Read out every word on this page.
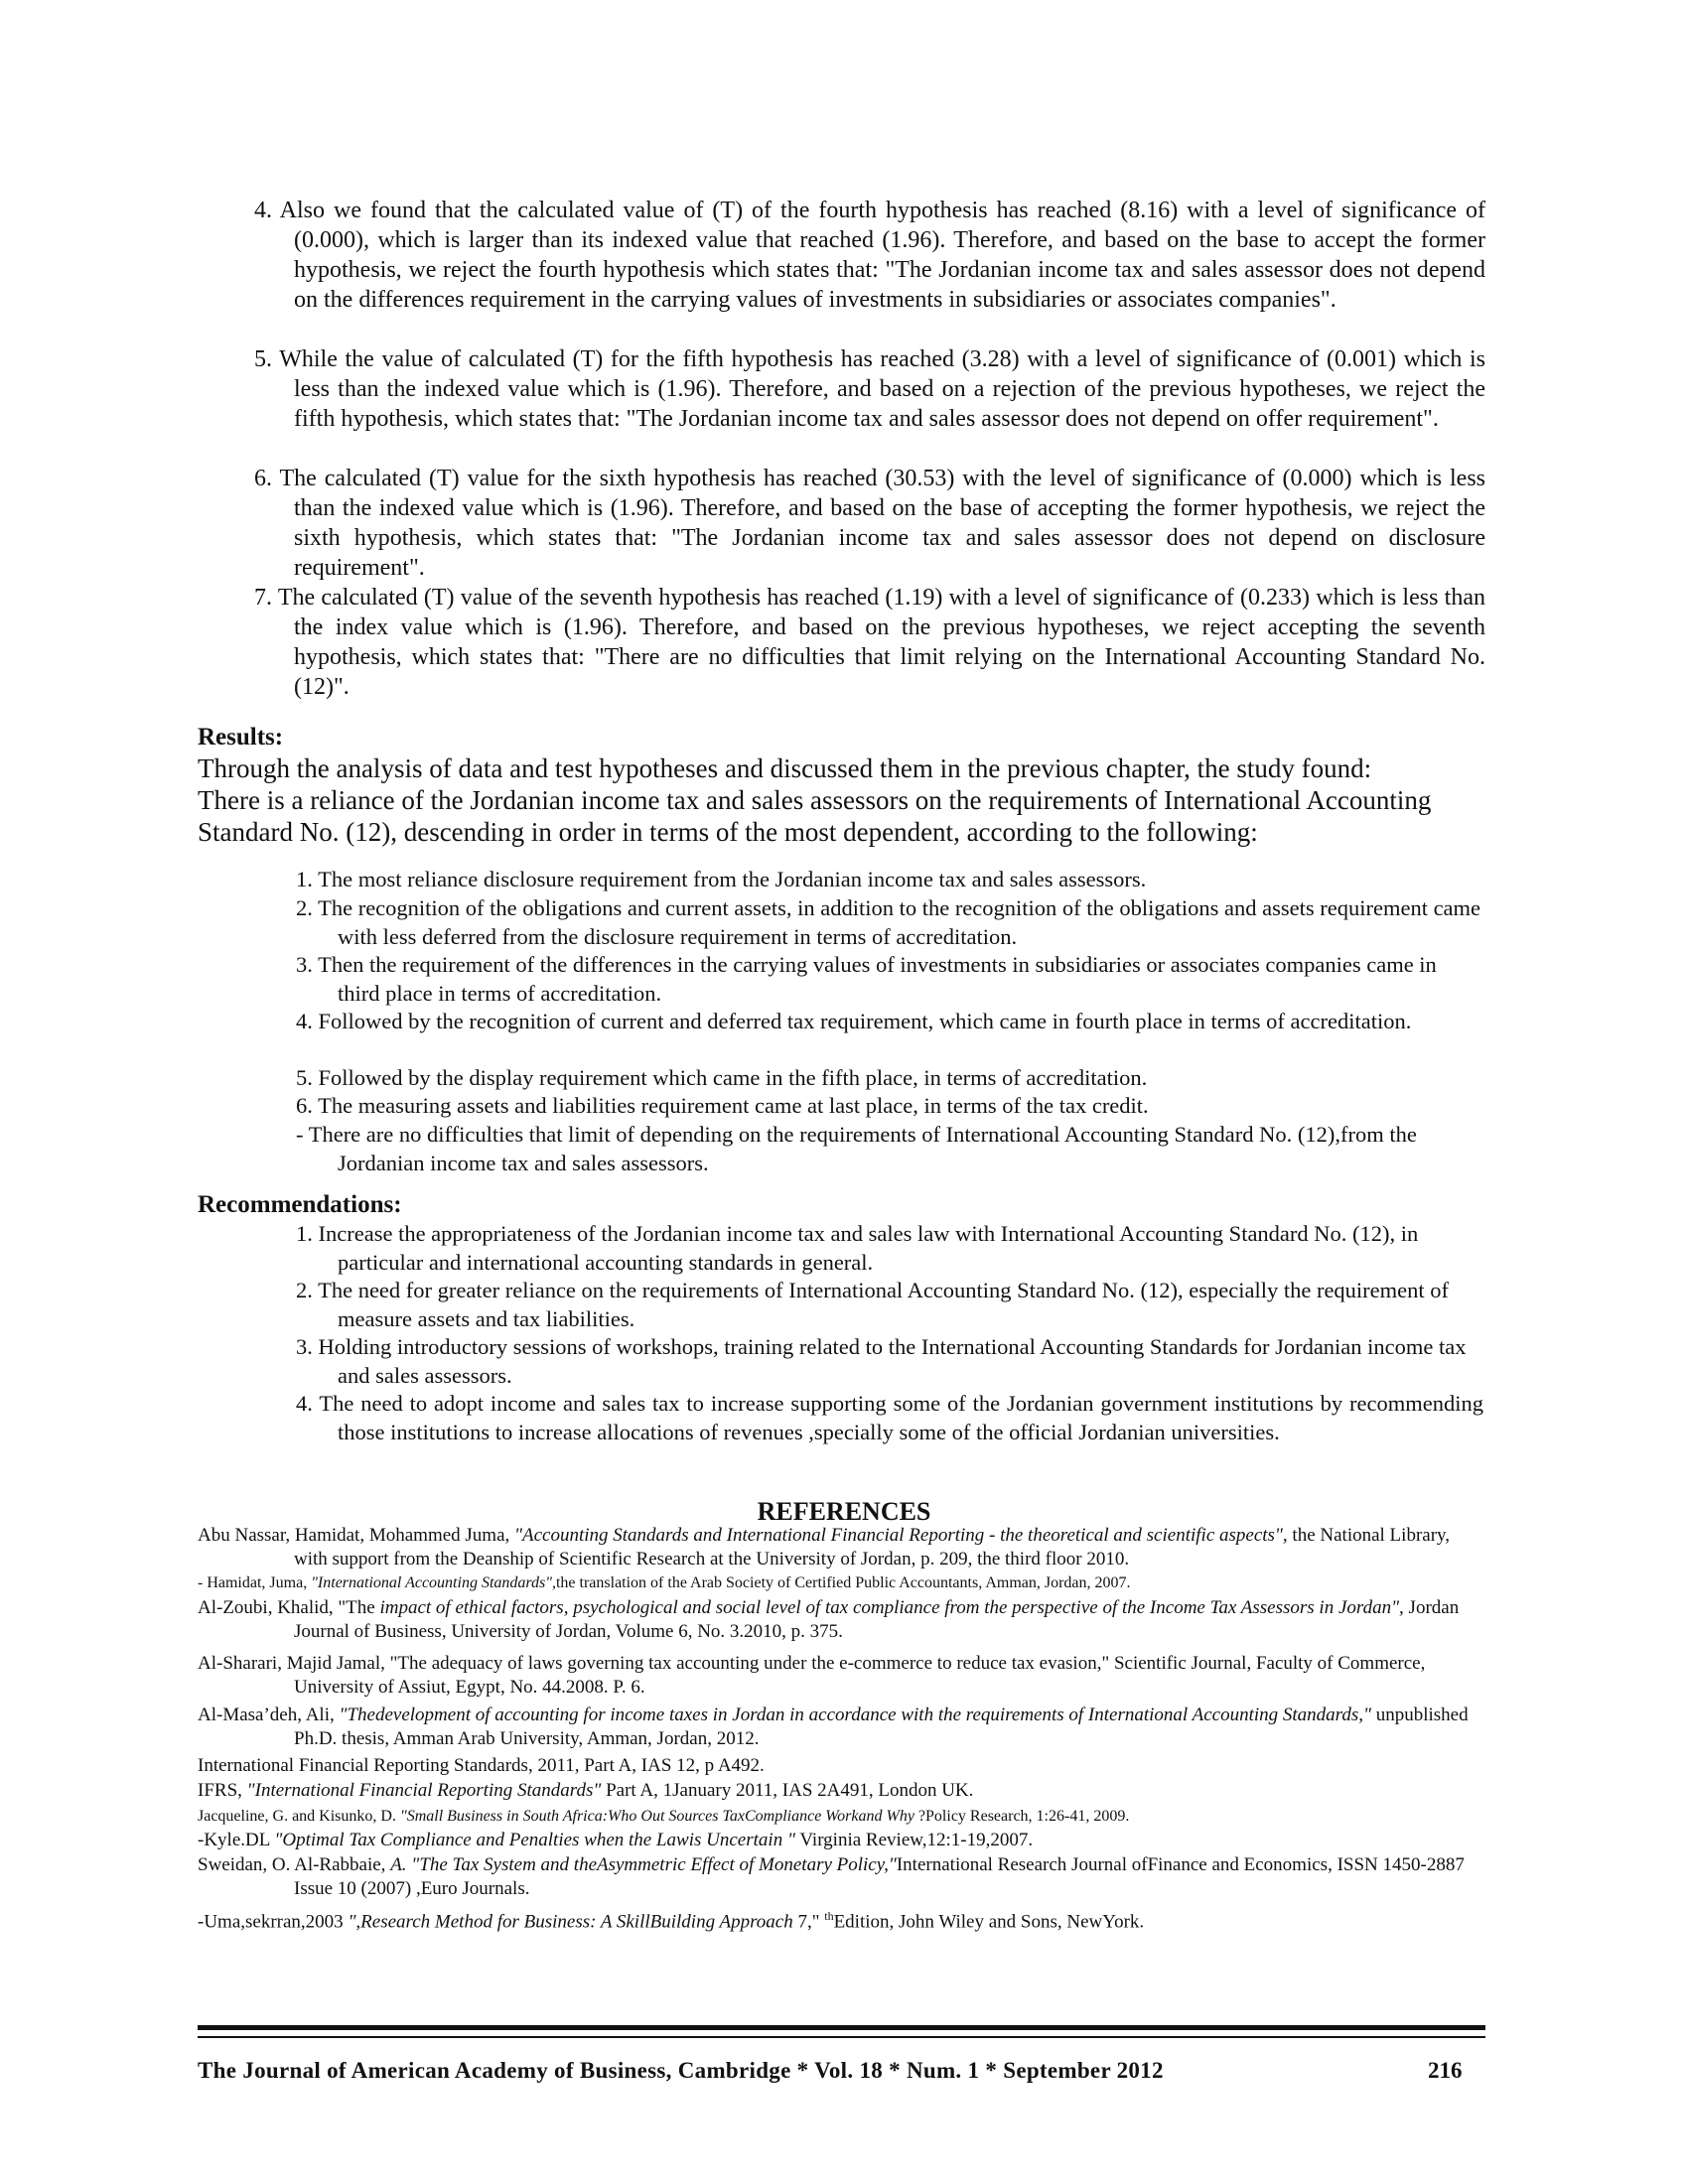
4. Also we found that the calculated value of (T) of the fourth hypothesis has reached (8.16) with a level of significance of (0.000), which is larger than its indexed value that reached (1.96). Therefore, and based on the base to accept the former hypothesis, we reject the fourth hypothesis which states that: "The Jordanian income tax and sales assessor does not depend on the differences requirement in the carrying values of investments in subsidiaries or associates companies".
5. While the value of calculated (T) for the fifth hypothesis has reached (3.28) with a level of significance of (0.001) which is less than the indexed value which is (1.96). Therefore, and based on a rejection of the previous hypotheses, we reject the fifth hypothesis, which states that: "The Jordanian income tax and sales assessor does not depend on offer requirement".
6. The calculated (T) value for the sixth hypothesis has reached (30.53) with the level of significance of (0.000) which is less than the indexed value which is (1.96). Therefore, and based on the base of accepting the former hypothesis, we reject the sixth hypothesis, which states that: "The Jordanian income tax and sales assessor does not depend on disclosure requirement".
7. The calculated (T) value of the seventh hypothesis has reached (1.19) with a level of significance of (0.233) which is less than the index value which is (1.96). Therefore, and based on the previous hypotheses, we reject accepting the seventh hypothesis, which states that: "There are no difficulties that limit relying on the International Accounting Standard No. (12)".
Results:
Through the analysis of data and test hypotheses and discussed them in the previous chapter, the study found:
There is a reliance of the Jordanian income tax and sales assessors on the requirements of International Accounting Standard No. (12), descending in order in terms of the most dependent, according to the following:
1. The most reliance disclosure requirement from the Jordanian income tax and sales assessors.
2. The recognition of the obligations and current assets, in addition to the recognition of the obligations and assets requirement came with less deferred from the disclosure requirement in terms of accreditation.
3. Then the requirement of the differences in the carrying values of investments in subsidiaries or associates companies came in third place in terms of accreditation.
4. Followed by the recognition of current and deferred tax requirement, which came in fourth place in terms of accreditation.
5. Followed by the display requirement which came in the fifth place, in terms of accreditation.
6. The measuring assets and liabilities requirement came at last place, in terms of the tax credit.
- There are no difficulties that limit of depending on the requirements of International Accounting Standard No. (12),from the Jordanian income tax and sales assessors.
Recommendations:
1. Increase the appropriateness of the Jordanian income tax and sales law with International Accounting Standard No. (12), in particular and international accounting standards in general.
2. The need for greater reliance on the requirements of International Accounting Standard No. (12), especially the requirement of measure assets and tax liabilities.
3. Holding introductory sessions of workshops, training related to the International Accounting Standards for Jordanian income tax and sales assessors.
4. The need to adopt income and sales tax to increase supporting some of the Jordanian government institutions by recommending those institutions to increase allocations of revenues ,specially some of the official Jordanian universities.
REFERENCES
Abu Nassar, Hamidat, Mohammed Juma, "Accounting Standards and International Financial Reporting - the theoretical and scientific aspects", the National Library, with support from the Deanship of Scientific Research at the University of Jordan, p. 209, the third floor 2010.
- Hamidat, Juma, "International Accounting Standards",the translation of the Arab Society of Certified Public Accountants, Amman, Jordan, 2007.
Al-Zoubi, Khalid, "The impact of ethical factors, psychological and social level of tax compliance from the perspective of the Income Tax Assessors in Jordan", Jordan Journal of Business, University of Jordan, Volume 6, No. 3.2010, p. 375.
Al-Sharari, Majid Jamal, "The adequacy of laws governing tax accounting under the e-commerce to reduce tax evasion," Scientific Journal, Faculty of Commerce, University of Assiut, Egypt, No. 44.2008. P. 6.
Al-Masa’deh, Ali, "Thedevelopment of accounting for income taxes in Jordan in accordance with the requirements of International Accounting Standards," unpublished Ph.D. thesis, Amman Arab University, Amman, Jordan, 2012.
International Financial Reporting Standards, 2011, Part A, IAS 12, p A492.
IFRS, "International Financial Reporting Standards" Part A, 1January 2011, IAS 2A491, London UK.
Jacqueline, G. and Kisunko, D. "Small Business in South Africa:Who Out Sources TaxCompliance Workand Why ?Policy Research, 1:26-41, 2009.
-Kyle.DL "Optimal Tax Compliance and Penalties when the Lawis Uncertain " Virginia Review,12:1-19,2007.
Sweidan, O. Al-Rabbaie, A. "The Tax System and theAsymmetric Effect of Monetary Policy,"International Research Journal ofFinance and Economics, ISSN 1450-2887 Issue 10 (2007) ,Euro Journals.
-Uma,sekrran,2003 ",Research Method for Business: A SkillBuilding Approach 7," $^{th}$Edition, John Wiley and Sons, NewYork.
The Journal of American Academy of Business, Cambridge * Vol. 18 * Num. 1 * September 2012	216
